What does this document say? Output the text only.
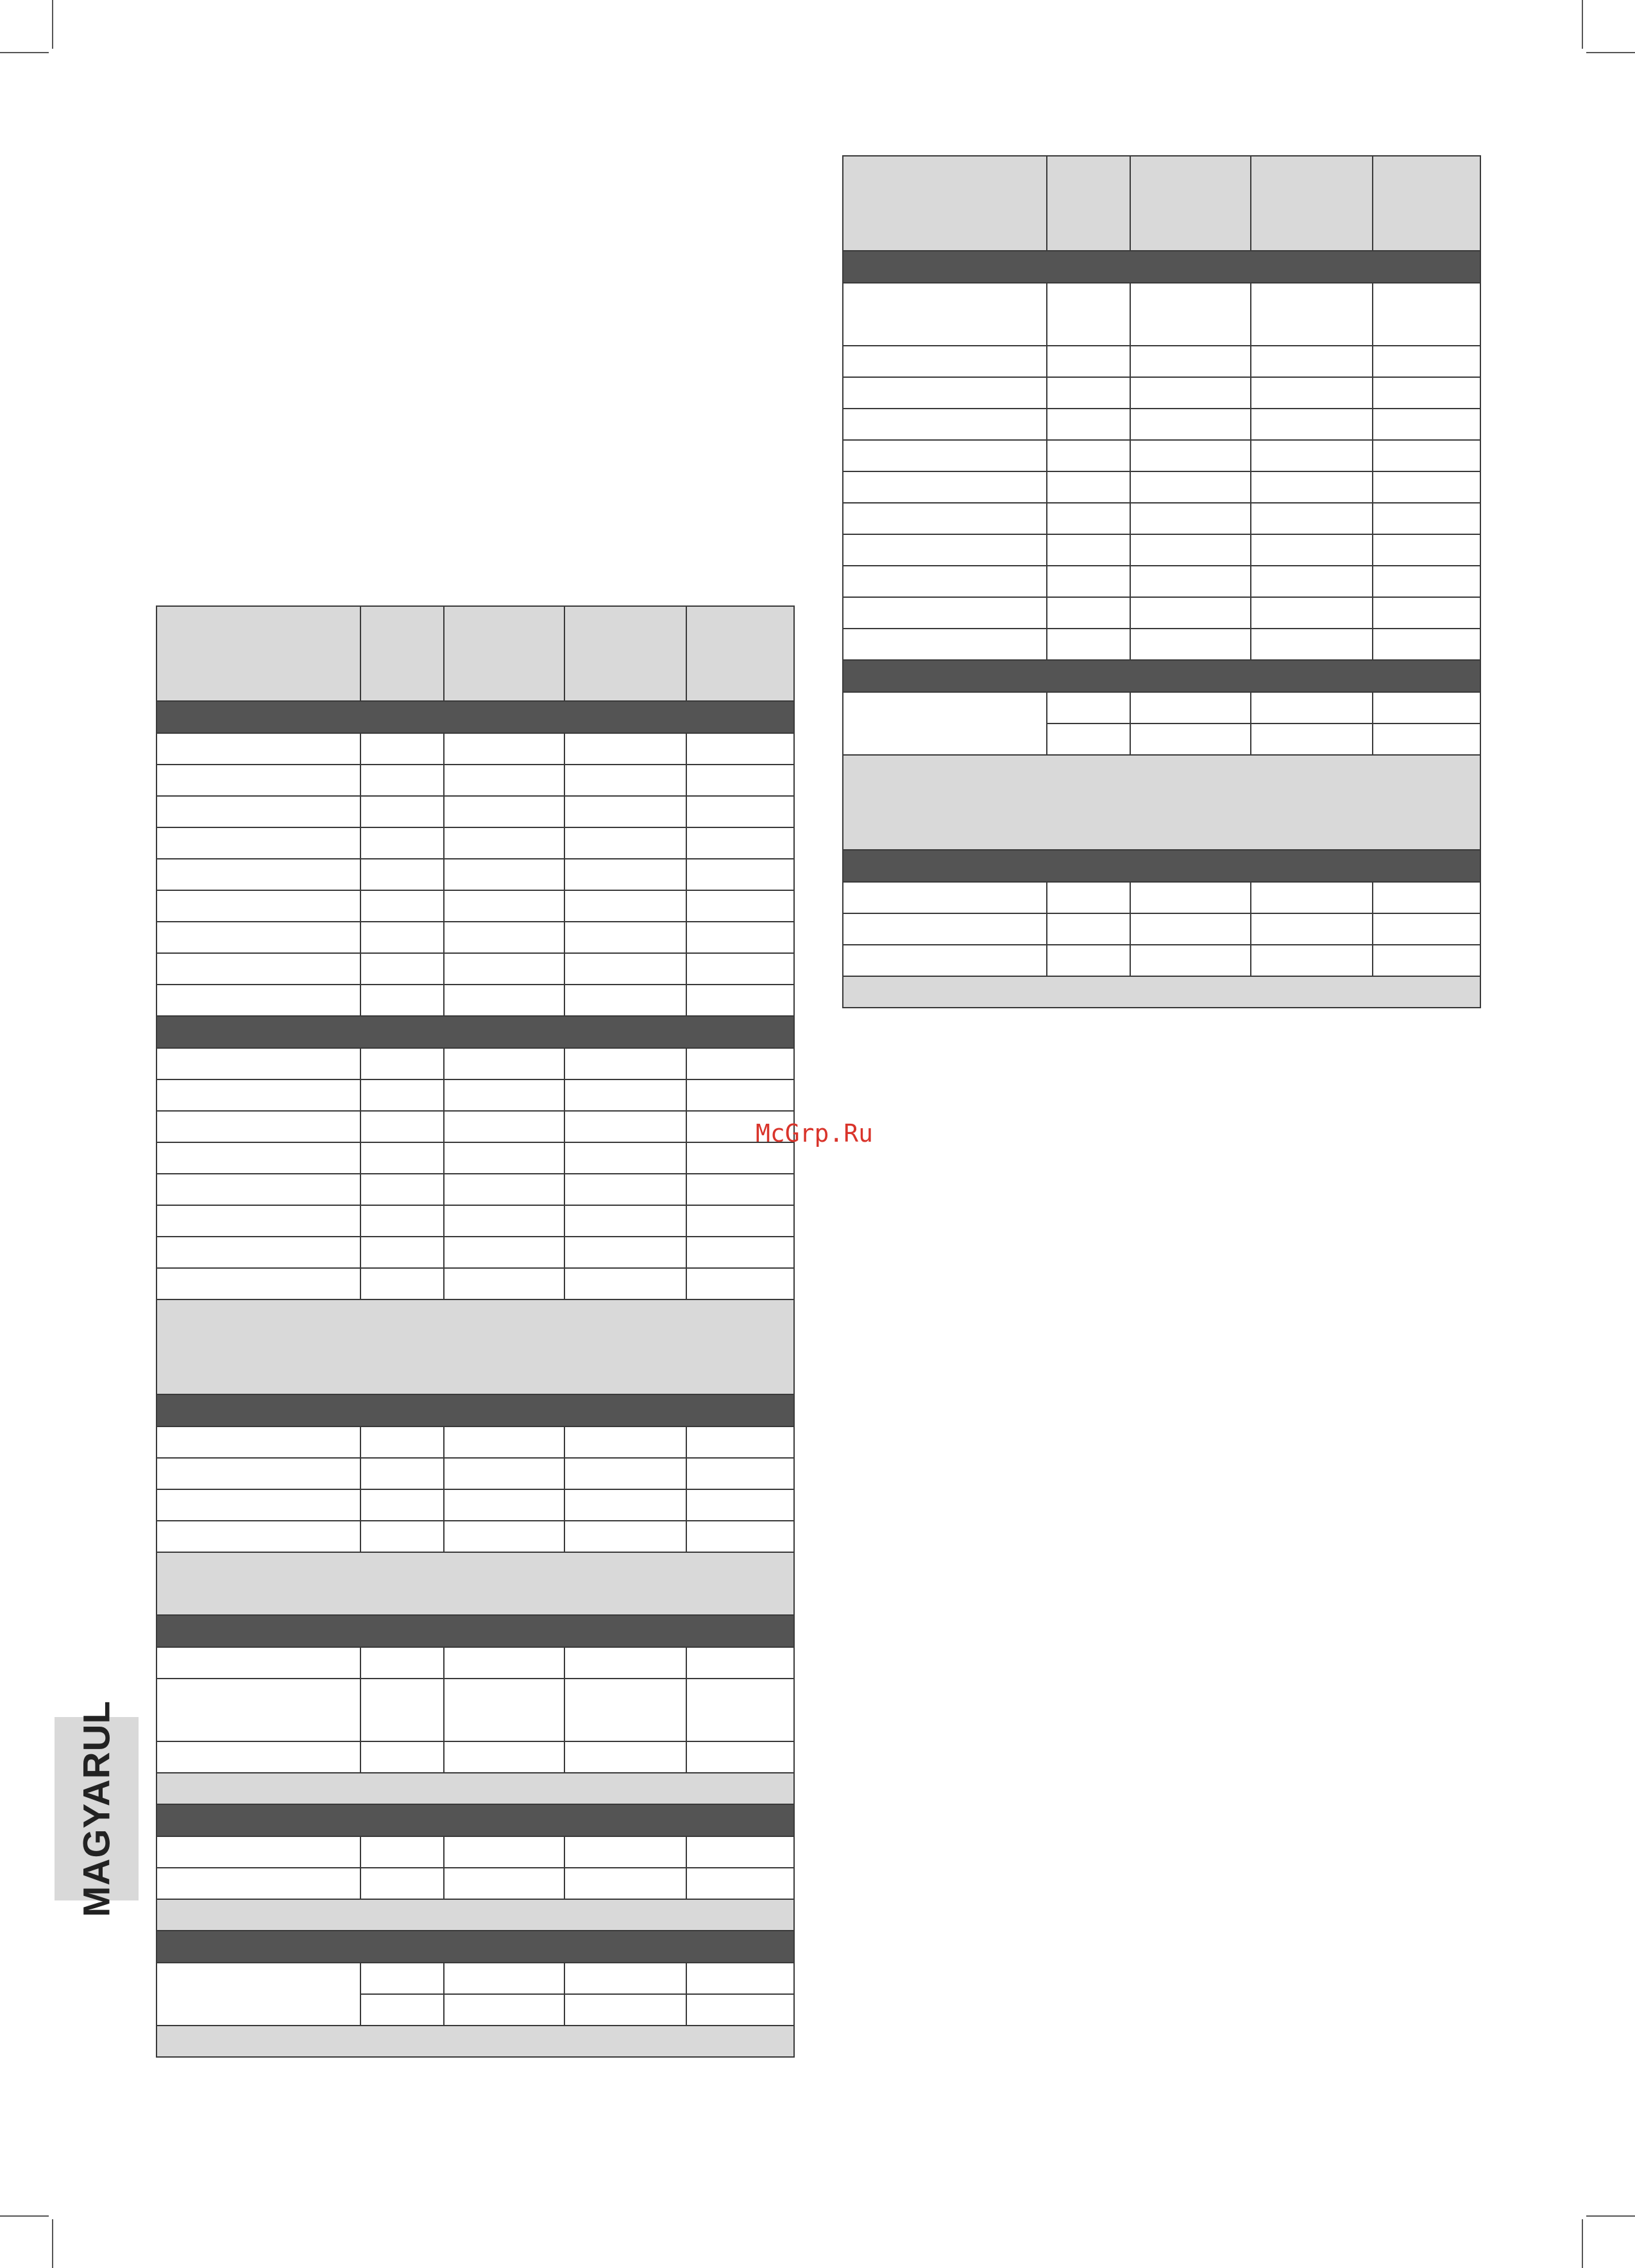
McGrp.Ru
MAGYARUL
